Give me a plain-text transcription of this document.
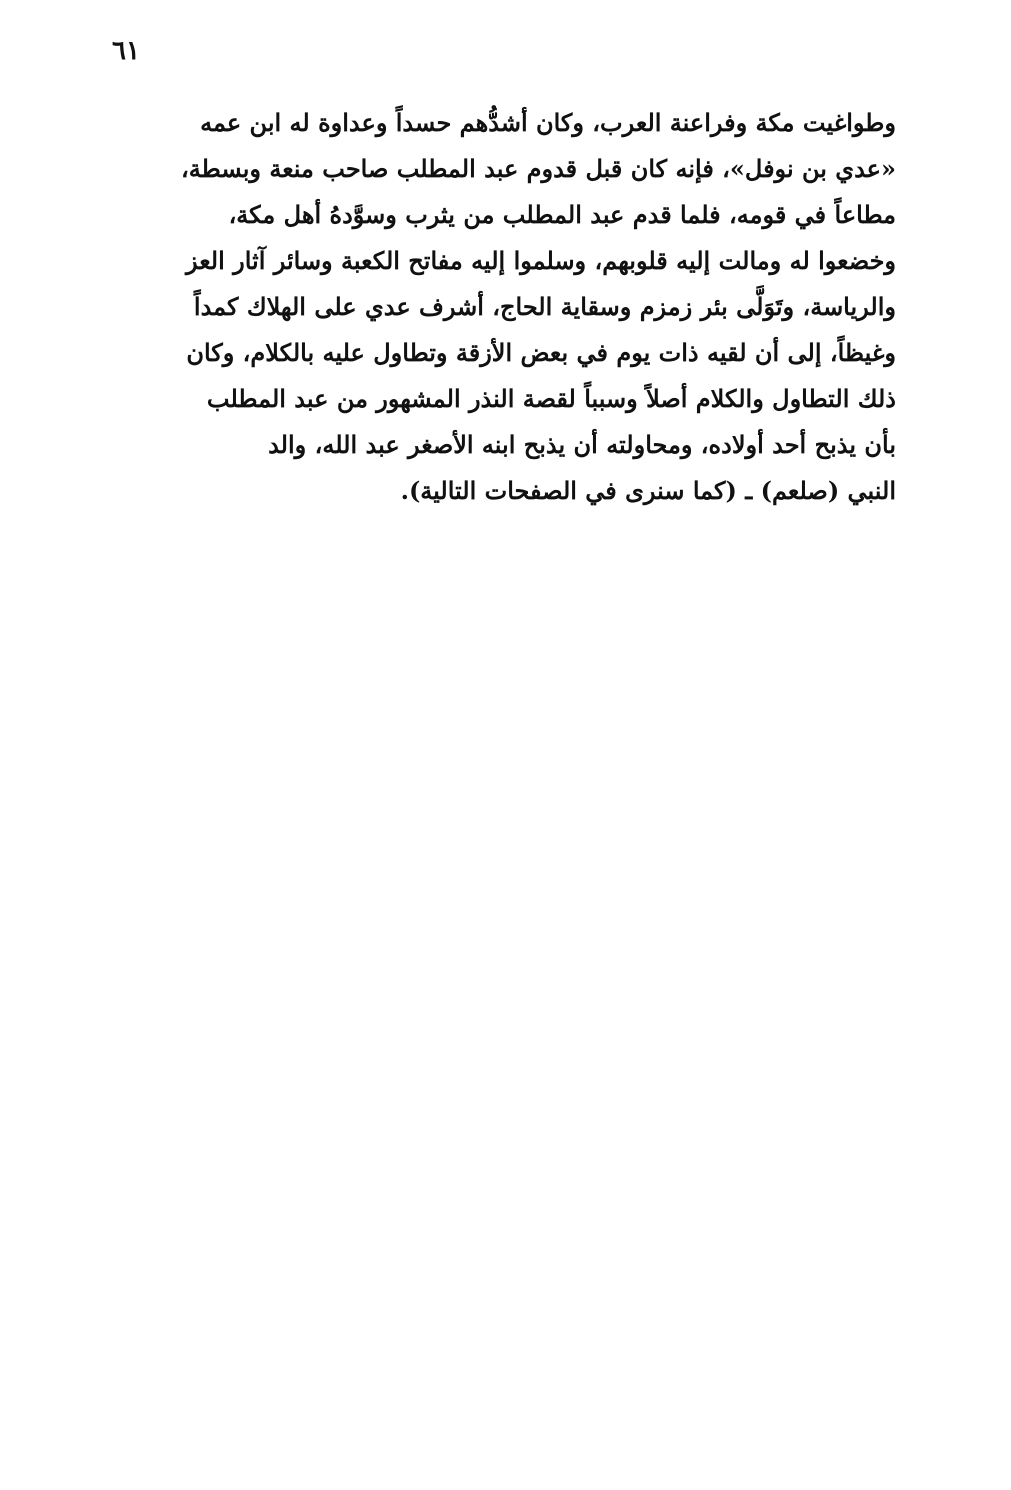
٦١
وطواغيت مكة وفراعنة العرب، وكان أشدُّهم حسداً وعداوة له ابن عمه
«عدي بن نوفل»، فإنه كان قبل قدوم عبد المطلب صاحب منعة وبسطة،
مطاعاً في قومه، فلما قدم عبد المطلب من يثرب وسوَّدهُ أهل مكة،
وخضعوا له ومالت إليه قلوبهم، وسلموا إليه مفاتح الكعبة وسائر آثار العز
والرياسة، وتَوَلَّى بئر زمزم وسقاية الحاج، أشرف عدي على الهلاك كمداً
وغيظاً، إلى أن لقيه ذات يوم في بعض الأزقة وتطاول عليه بالكلام، وكان
ذلك التطاول والكلام أصلاً وسبباً لقصة النذر المشهور من عبد المطلب
بأن يذبح أحد أولاده، ومحاولته أن يذبح ابنه الأصغر عبد الله، والد
النبي (صلعم) ـ (كما سنرى في الصفحات التالية).
